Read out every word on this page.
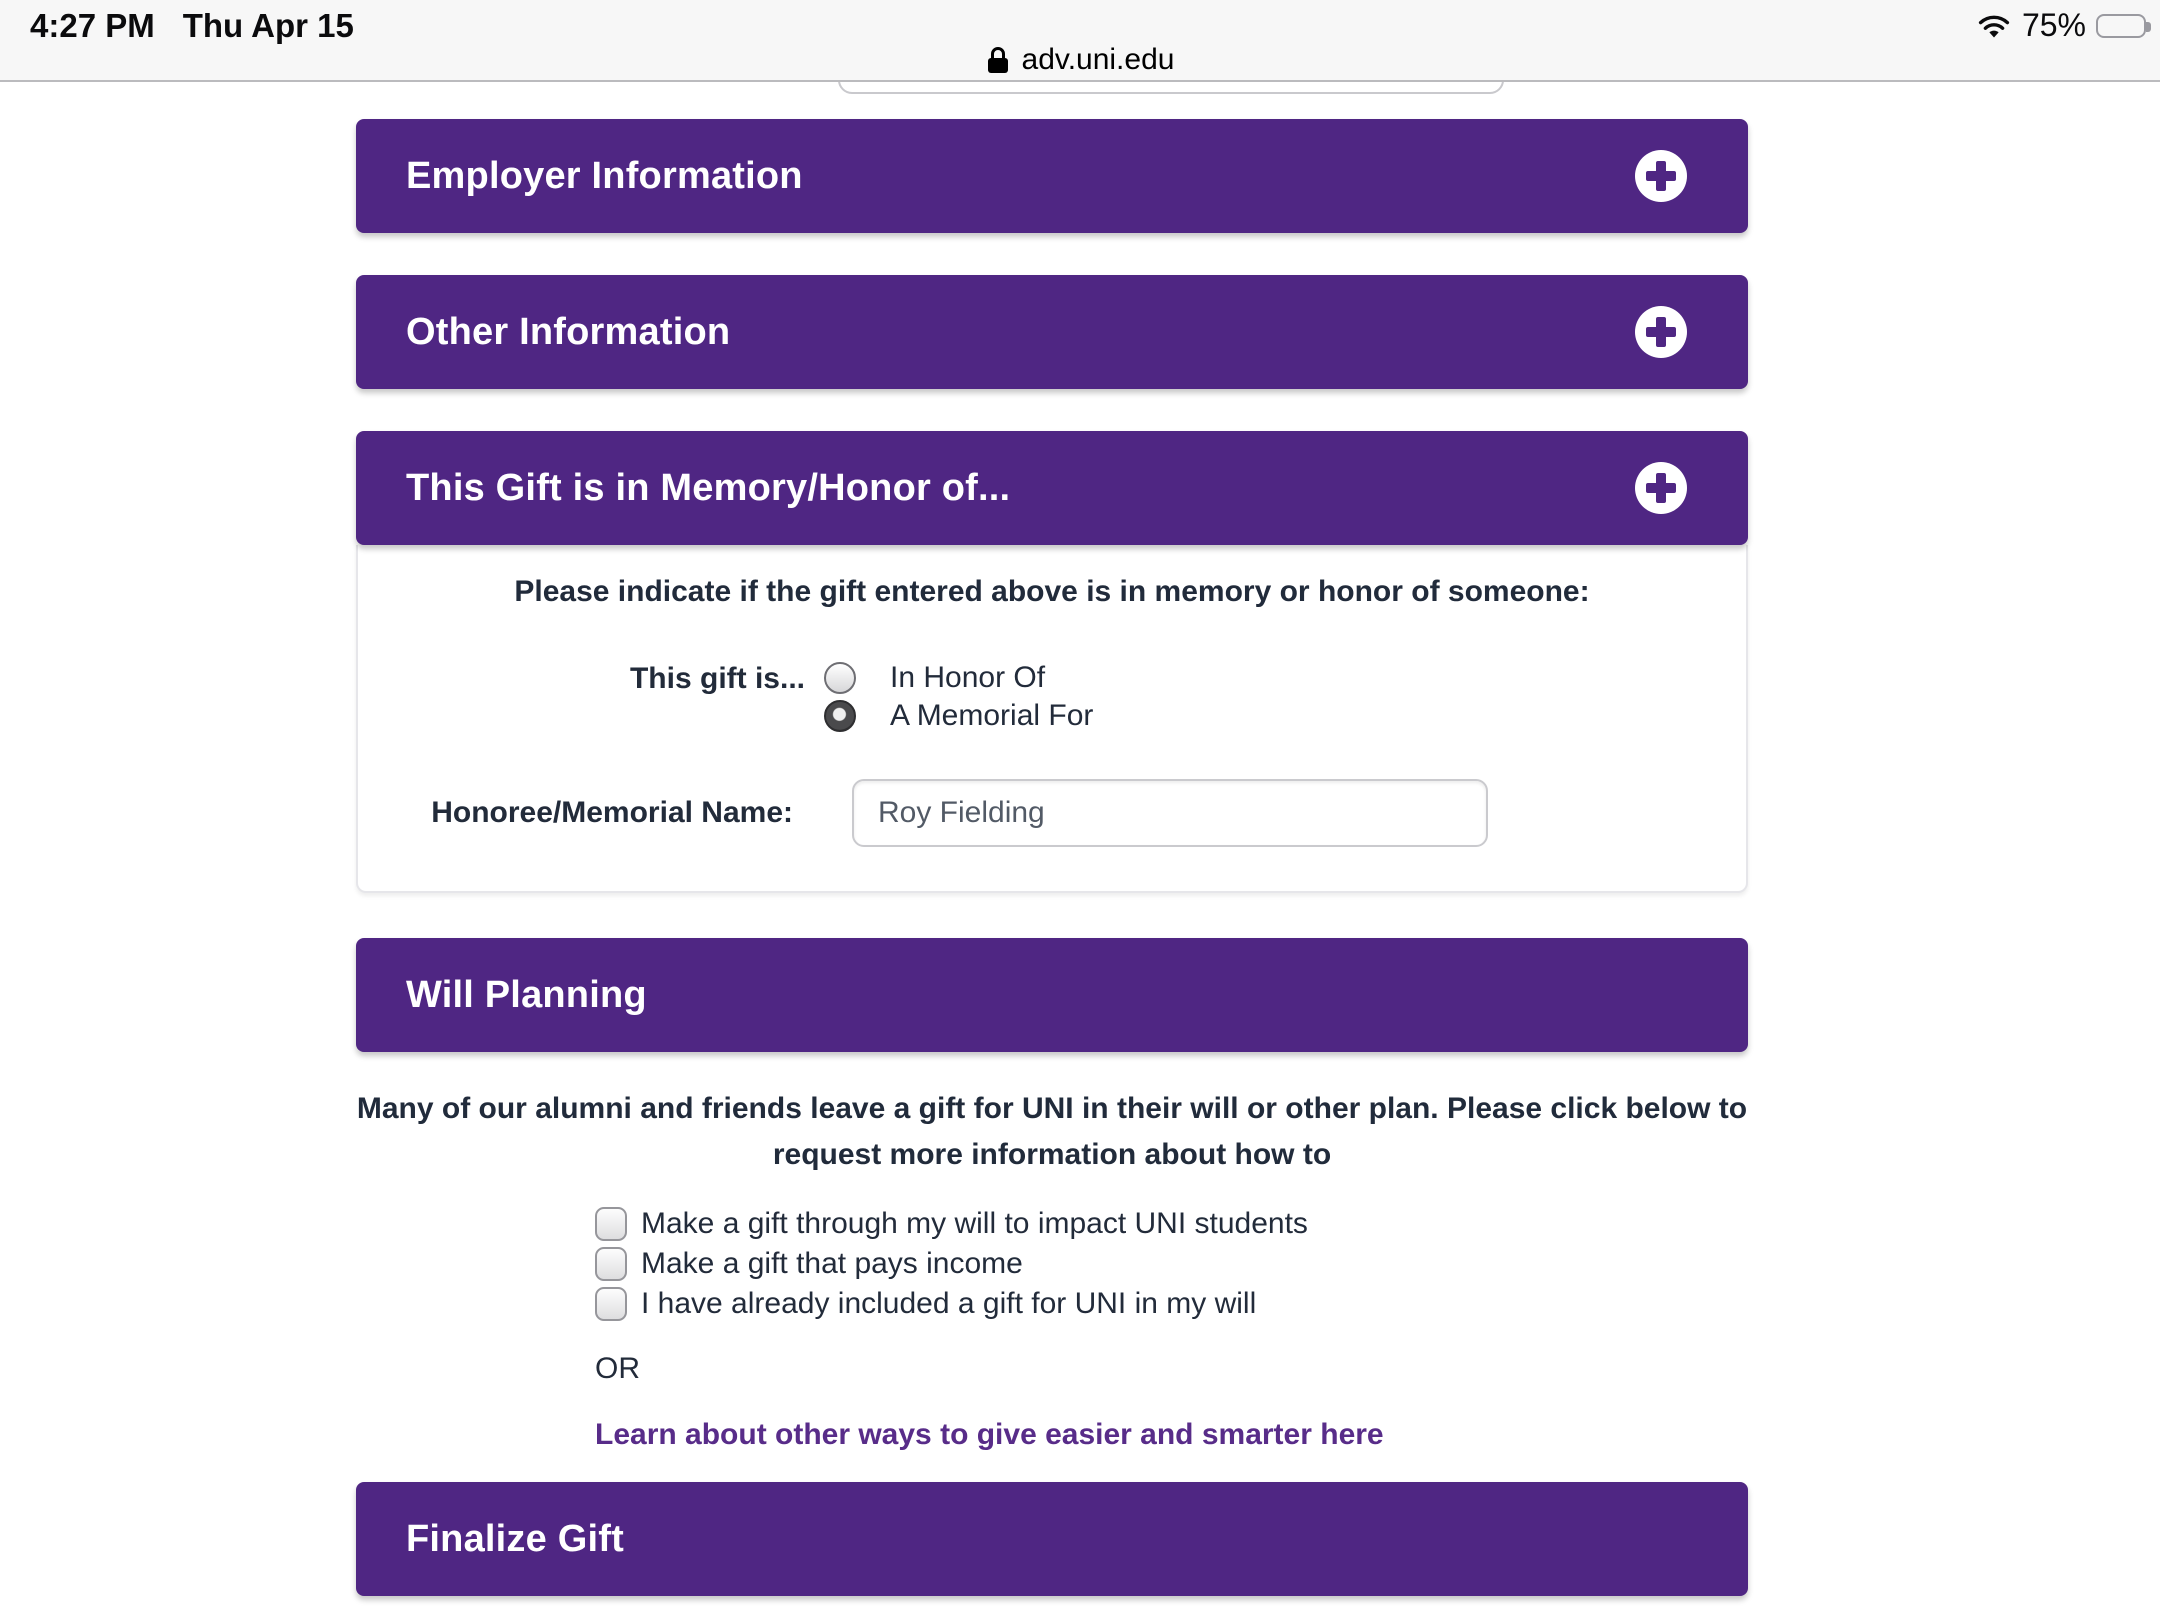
4:27 PM Thu Apr 15	75%
adv.uni.edu
Employer Information
Other Information
This Gift is in Memory/Honor of...
Please indicate if the gift entered above is in memory or honor of someone:
This gift is...	In Honor Of
A Memorial For
Honoree/Memorial Name:
Roy Fielding
Will Planning
Many of our alumni and friends leave a gift for UNI in their will or other plan. Please click below to request more information about how to
Make a gift through my will to impact UNI students
Make a gift that pays income
I have already included a gift for UNI in my will
OR
Learn about other ways to give easier and smarter here
Finalize Gift
